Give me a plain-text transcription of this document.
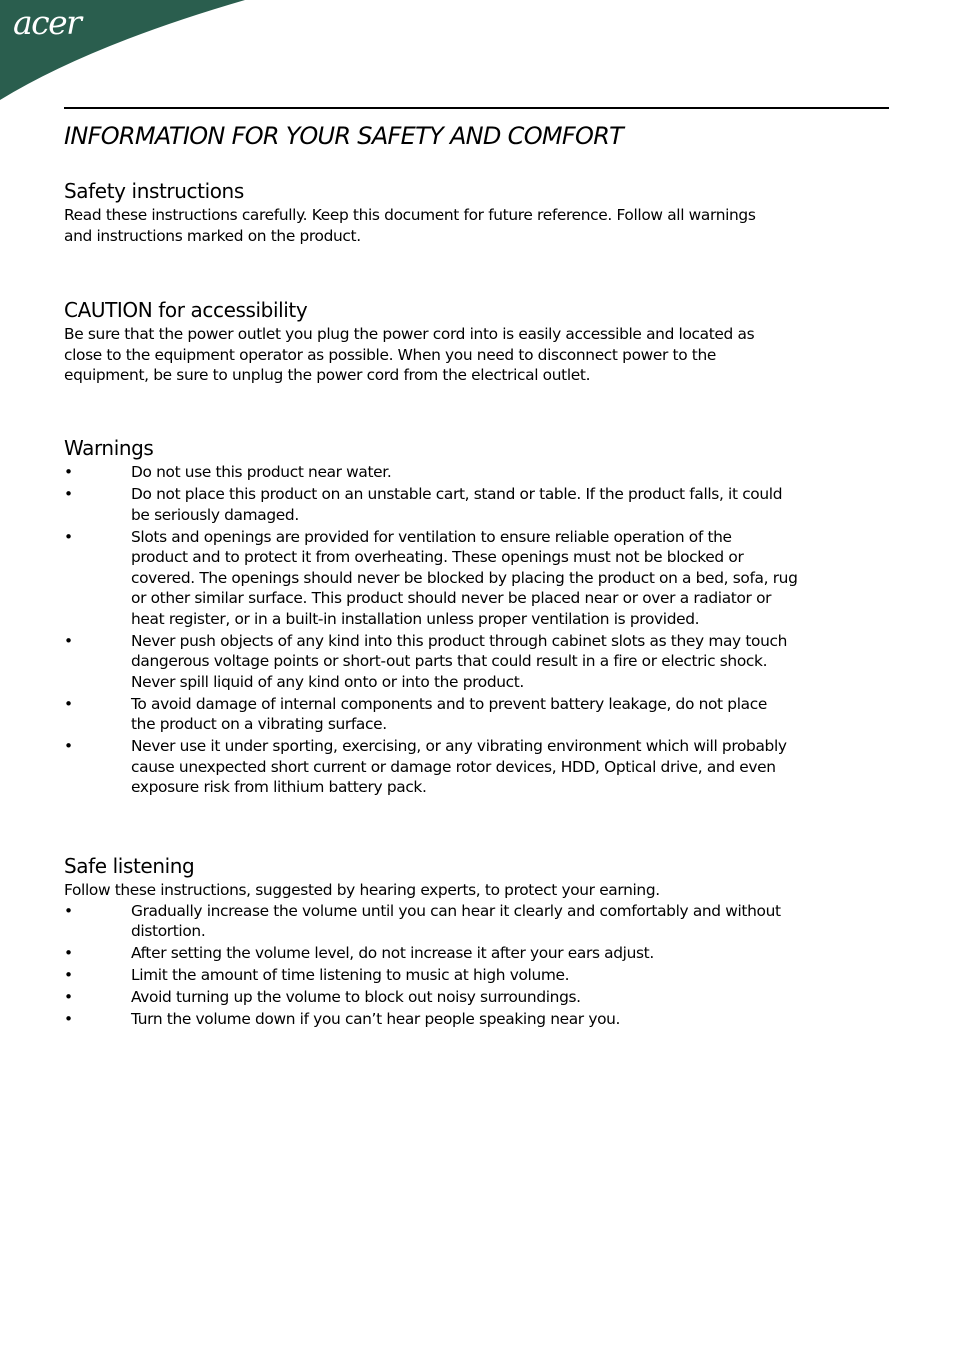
acer
INFORMATION FOR YOUR SAFETY AND COMFORT
Safety instructions

Read these instructions carefully. Keep this document for future reference. Follow all warnings
and instructions marked on the product.

CAUTION for accessibility

Be sure that the power outlet you plug the power cord into is easily accessible and located as
close to the equipment operator as possible. When you need to disconnect power to the
equipment, be sure to unplug the power cord from the electrical outlet.

Warnings
•	Do not use this product near water.
•	Do not place this product on an unstable cart, stand or table. If the product falls, it could
be seriously damaged.
•	Slots and openings are provided for ventilation to ensure reliable operation of the
product and to protect it from overheating. These openings must not be blocked or
covered. The openings should never be blocked by placing the product on a bed, sofa, rug
or other similar surface. This product should never be placed near or over a radiator or
heat register, or in a built-in installation unless proper ventilation is provided.
•	Never push objects of any kind into this product through cabinet slots as they may touch
dangerous voltage points or short-out parts that could result in a fire or electric shock.
Never spill liquid of any kind onto or into the product.
•	To avoid damage of internal components and to prevent battery leakage, do not place
the product on a vibrating surface.
•	Never use it under sporting, exercising, or any vibrating environment which will probably
cause unexpected short current or damage rotor devices, HDD, Optical drive, and even
exposure risk from lithium battery pack.
Safe listening

Follow these instructions, suggested by hearing experts, to protect your earning.

•	Gradually increase the volume until you can hear it clearly and comfortably and without
distortion.
•	After setting the volume level, do not increase it after your ears adjust.
•	Limit the amount of time listening to music at high volume.
•	Avoid turning up the volume to block out noisy surroundings.
•	Turn the volume down if you can’t hear people speaking near you.
